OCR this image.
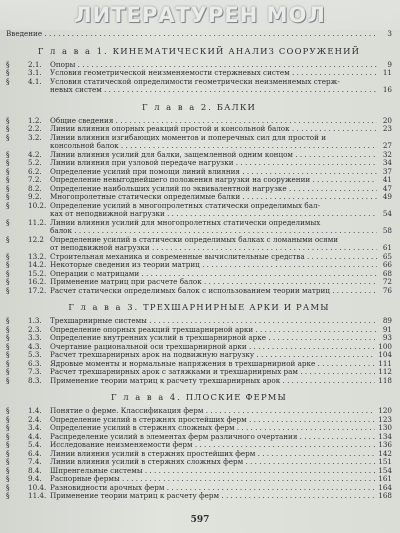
ЛИТЕРАТУРЕН МОЛ
Введение . . .	3
Г л а в а 1. КИНЕМАТИЧЕСКИЙ АНАЛИЗ СООРУЖЕНИЙ
§	2.1.	Опоры . . .	9
§	3.1.	Условия геометрической неизменяемости стержневых систем . . .	11
§	4.1.	Условия статической определимости геометрически неизменяемых стерж-
невых систем . . .	16
Г л а в а 2. БАЛКИ
§	1.2.	Общие сведения . . .	20
§	2.2.	Линии влияния опорных реакций простой и консольной балок . . .	23
§	3.2.	Линии влияния изгибающих моментов и поперечных сил для простой и
консольной балок . . .	27
§	4.2.	Линии влияния усилий для балки, защемленной одним концом . . .	32
§	5.2.	Линии влияния при узловой передаче нагрузки . . .	34
§	6.2.	Определение усилий при помощи линий влияния . . .	37
§	7.2.	Определение невыгоднейшего положения нагрузки на сооружении . . .	41
§	8.2.	Определение наибольших усилий по эквивалентной нагрузке . . .	47
§	9.2.	Многопролетные статически определимые балки . . .	49
§	10.2. Определение усилий в многопролетных статически определимых бал-
ках от неподвижной нагрузки . . .	54
§	11.2. Линии влияния усилий для многопролетных статически определимых
балок . . .	58
§	12.2 Определение усилий в статически определимых балках с ломаными осями
от неподвижной нагрузки . . .	61
§	13.2. Строительная механика и современные вычислительные средства . . .	65
§	14.2. Некоторые сведения из теории матриц . . .	66
§	15.2. Операции с матрицами . . .	68
§	16.2. Применение матриц при расчете балок . . .	72
§	17.2. Расчет статически определимых балок с использованием теории матриц . . .	76
Г л а в а 3. ТРЕХШАРНИРНЫЕ АРКИ И РАМЫ
§	1.3.	Трехшарнирные системы . . .	89
§	2.3.	Определение опорных реакций трехшарнирной арки . . .	91
§	3.3.	Определение внутренних усилий в трехшарнирной арке . . .	93
§	4.3.	Очертание рациональной оси трехшарнирной арки . . .	100
§	5.3.	Расчет трехшарнирных арок на подвижную нагрузку . . .	104
§	6.3.	Ядровые моменты и нормальные напряжения в трехшарнирной арке . . .	111
§	7.3.	Расчет трехшарнирных арок с затяжками и трехшарнирных рам . . .	112
§	8.3.	Применение теории матриц к расчету трехшарнирных арок . . .	118
Г л а в а 4. ПЛОСКИЕ ФЕРМЫ
§	1.4.	Понятие о ферме. Классификация ферм . . .	120
§	2.4.	Определение усилий в стержнях простейших ферм . . .	123
§	3.4.	Определение усилий в стержнях сложных ферм . . .	130
§	4.4.	Распределение усилий в элементах ферм различного очертания . . .	134
§	5.4.	Исследование неизменяемости ферм . . .	136
§	6.4.	Линии влияния усилий в стержнях простейших ферм . . .	142
§	7.4.	Линии влияния усилий в стержнях сложных ферм . . .	151
§	8.4.	Шпренгельные системы . . .	154
§	9.4.	Распорные фермы . . .	161
§	10.4. Разновидности арочных ферм . . .	164
§	11.4. Применение теории матриц к расчету ферм . . .	168
597
